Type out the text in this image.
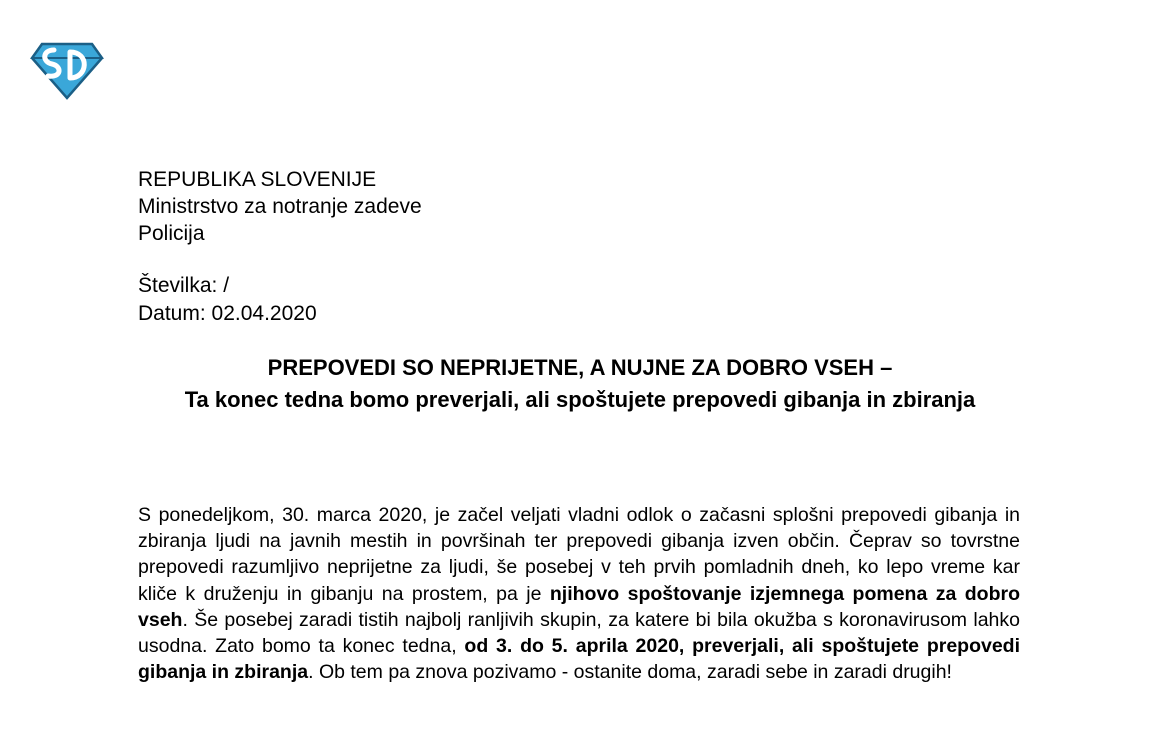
REPUBLIKA SLOVENIJE
Ministrstvo za notranje zadeve
Policija
Številka: /
Datum: 02.04.2020
PREPOVEDI SO NEPRIJETNE, A NUJNE ZA DOBRO VSEH –
Ta konec tedna bomo preverjali, ali spoštujete prepovedi gibanja in zbiranja
S ponedeljkom, 30. marca 2020, je začel veljati vladni odlok o začasni splošni prepovedi gibanja in zbiranja ljudi na javnih mestih in površinah ter prepovedi gibanja izven občin. Čeprav so tovrstne prepovedi razumljivo neprijetne za ljudi, še posebej v teh prvih pomladnih dneh, ko lepo vreme kar kliče k druženju in gibanju na prostem, pa je njihovo spoštovanje izjemnega pomena za dobro vseh. Še posebej zaradi tistih najbolj ranljivih skupin, za katere bi bila okužba s koronavirusom lahko usodna. Zato bomo ta konec tedna, od 3. do 5. aprila 2020, preverjali, ali spoštujete prepovedi gibanja in zbiranja. Ob tem pa znova pozivamo - ostanite doma, zaradi sebe in zaradi drugih!
